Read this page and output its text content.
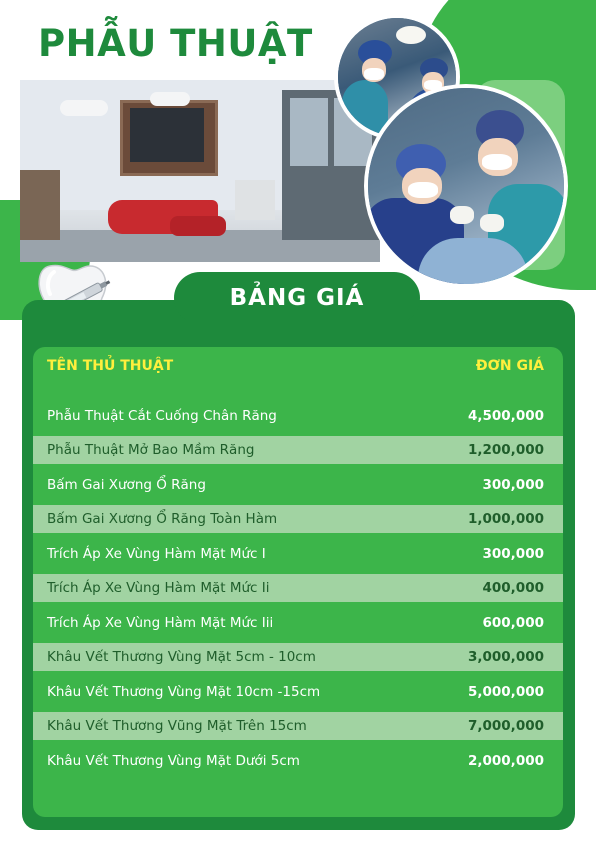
PHẪU THUẬT
BẢNG GIÁ
TÊN THỦ THUẬT	ĐƠN GIÁ
Phẫu Thuật Cắt Cuống Chân Răng	4,500,000
Phẫu Thuật Mở Bao Mầm Răng	1,200,000
Bấm Gai Xương Ổ Răng	300,000
Bấm Gai Xương Ổ Răng Toàn Hàm	1,000,000
Trích Áp Xe Vùng Hàm Mặt Mức I	300,000
Trích Áp Xe Vùng Hàm Mặt Mức Ii	400,000
Trích Áp Xe Vùng Hàm Mặt Mức Iii	600,000
Khâu Vết Thương Vùng Mặt 5cm - 10cm	3,000,000
Khâu Vết Thương Vùng Mặt 10cm -15cm	5,000,000
Khâu Vết Thương Vũng Mặt Trên 15cm	7,000,000
Khâu Vết Thương Vùng Mặt Dưới 5cm	2,000,000
